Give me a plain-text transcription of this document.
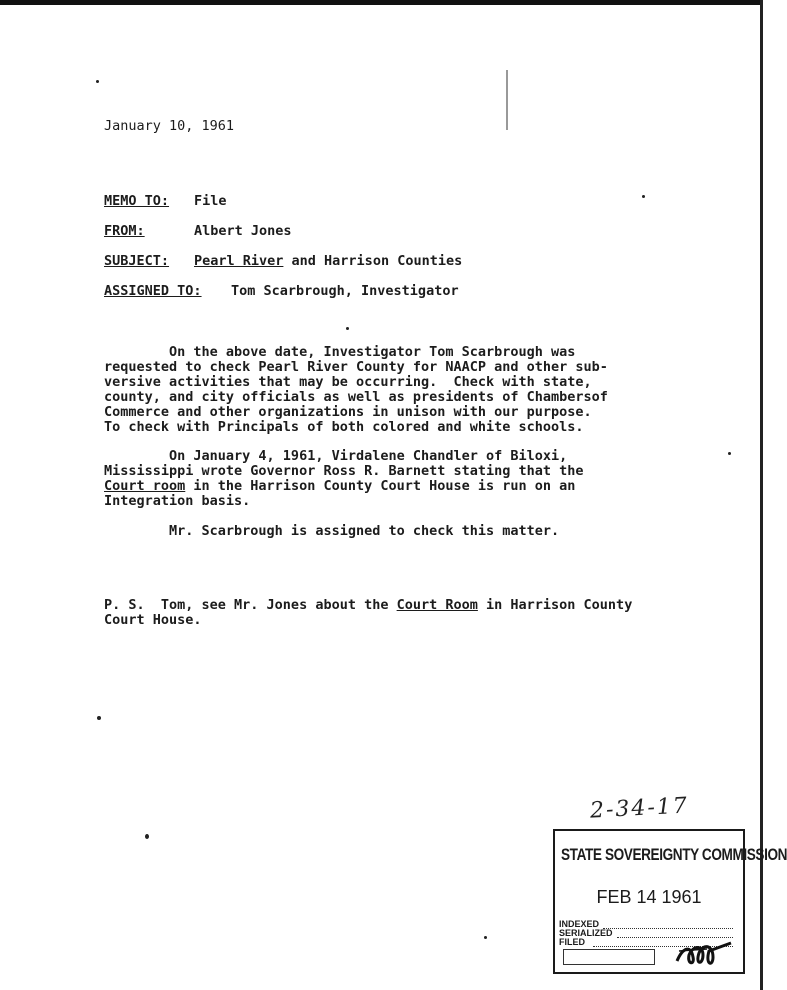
January 10, 1961
MEMO TO: File
FROM:	Albert Jones
SUBJECT: Pearl River and Harrison Counties
ASSIGNED TO: Tom Scarbrough, Investigator
On the above date, Investigator Tom Scarbrough was
requested to check Pearl River County for NAACP and other sub-
versive activities that may be occurring.  Check with state,
county, and city officials as well as presidents of Chambersof
Commerce and other organizations in unison with our purpose.
To check with Principals of both colored and white schools.
On January 4, 1961, Virdalene Chandler of Biloxi,
Mississippi wrote Governor Ross R. Barnett stating that the
Court room in the Harrison County Court House is run on an
Integration basis.
Mr. Scarbrough is assigned to check this matter.
P. S.  Tom, see Mr. Jones about the Court Room in Harrison County
Court House.
2-34-17
STATE SOVEREIGNTY COMMISSION
FEB 14 1961
INDEXED
SERIALIZED
FILED
